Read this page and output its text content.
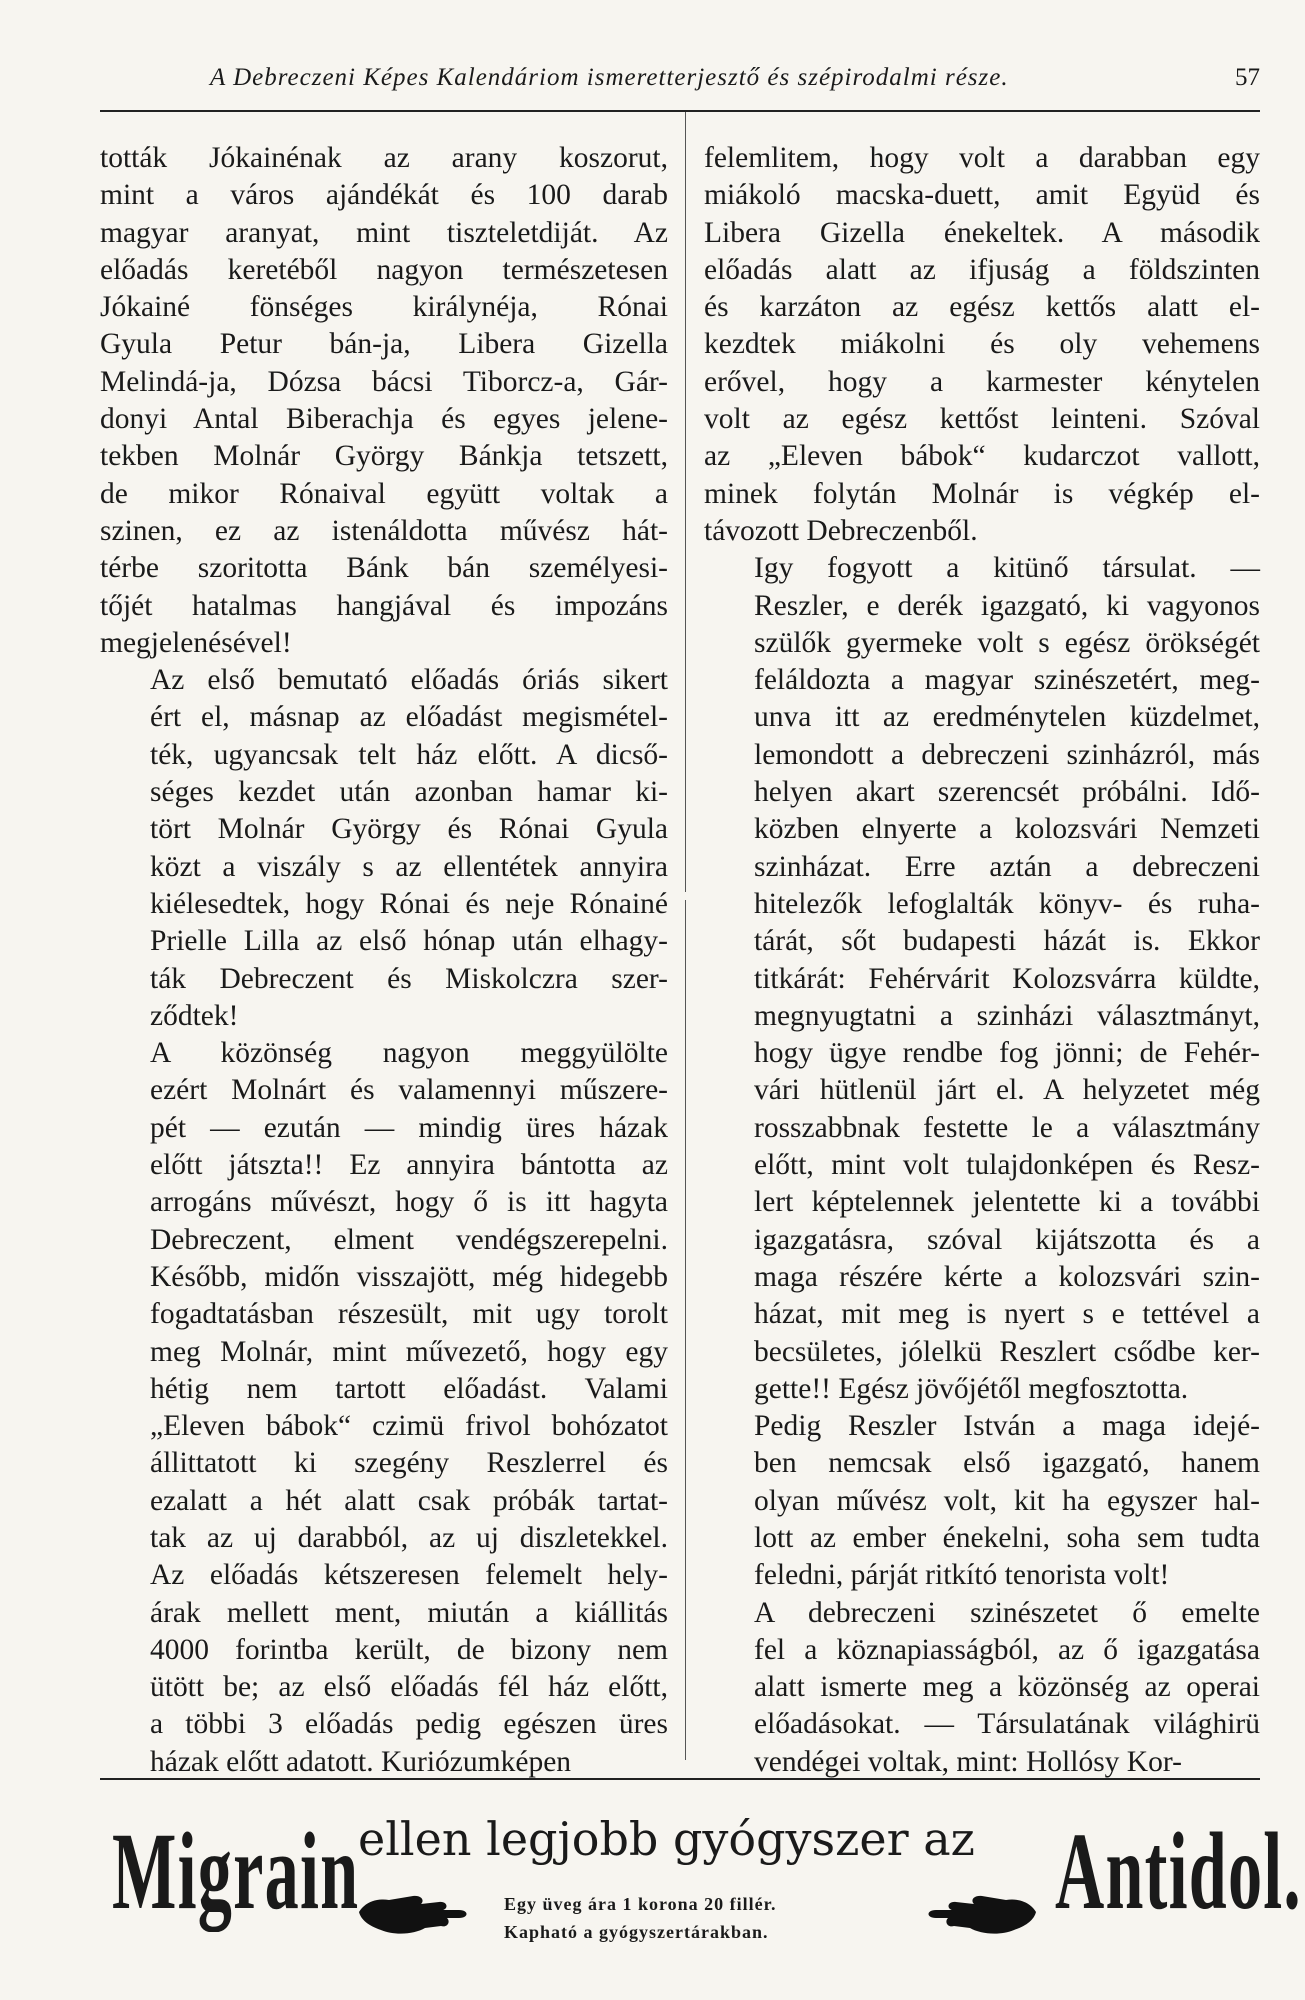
A Debreczeni Képes Kalendáriom ismeretterjesztő és szépirodalmi része.	57

tották Jókainénak az arany koszorut,
mint a város ajándékát és 100 darab
magyar aranyat, mint tiszteletdiját. Az
előadás keretéből nagyon természetesen
Jókainé fönséges királynéja, Rónai
Gyula Petur bán-ja, Libera Gizella
Melindá-ja, Dózsa bácsi Tiborcz-a, Gár-
donyi Antal Biberachja és egyes jelene-
tekben Molnár György Bánkja tetszett,
de mikor Rónaival együtt voltak a
szinen, ez az istenáldotta művész hát-
térbe szoritotta Bánk bán személyesi-
tőjét hatalmas hangjával és impozáns
megjelenésével!

Az első bemutató előadás óriás sikert
ért el, másnap az előadást megismétel-
ték, ugyancsak telt ház előtt. A dicső-
séges kezdet után azonban hamar ki-
tört Molnár György és Rónai Gyula
közt a viszály s az ellentétek annyira
kiélesedtek, hogy Rónai és neje Rónainé
Prielle Lilla az első hónap után elhagy-
ták Debreczent és Miskolczra szer-
ződtek!

A közönség nagyon meggyülölte
ezért Molnárt és valamennyi műszere-
pét — ezután — mindig üres házak
előtt játszta!! Ez annyira bántotta az
arrogáns művészt, hogy ő is itt hagyta
Debreczent, elment vendégszerepelni.
Később, midőn visszajött, még hidegebb
fogadtatásban részesült, mit ugy torolt
meg Molnár, mint művezető, hogy egy
hétig nem tartott előadást. Valami
„Eleven bábok“ czimü frivol bohózatot
állittatott ki szegény Reszlerrel és
ezalatt a hét alatt csak próbák tartat-
tak az uj darabból, az uj diszletekkel.
Az előadás kétszeresen felemelt hely-
árak mellett ment, miután a kiállitás
4000 forintba került, de bizony nem
ütött be; az első előadás fél ház előtt,
a többi 3 előadás pedig egészen üres
házak előtt adatott. Kuriózumképen

felemlitem, hogy volt a darabban egy
miákoló macska-duett, amit Együd és
Libera Gizella énekeltek. A második
előadás alatt az ifjuság a földszinten
és karzáton az egész kettős alatt el-
kezdtek miákolni és oly vehemens
erővel, hogy a karmester kénytelen
volt az egész kettőst leinteni. Szóval
az „Eleven bábok“ kudarczot vallott,
minek folytán Molnár is végkép el-
távozott Debreczenből.

Igy fogyott a kitünő társulat. —
Reszler, e derék igazgató, ki vagyonos
szülők gyermeke volt s egész örökségét
feláldozta a magyar szinészetért, meg-
unva itt az eredménytelen küzdelmet,
lemondott a debreczeni szinházról, más
helyen akart szerencsét próbálni. Idő-
közben elnyerte a kolozsvári Nemzeti
szinházat. Erre aztán a debreczeni
hitelezők lefoglalták könyv- és ruha-
tárát, sőt budapesti házát is. Ekkor
titkárát: Fehérvárit Kolozsvárra küldte,
megnyugtatni a szinházi választmányt,
hogy ügye rendbe fog jönni; de Fehér-
vári hütlenül járt el. A helyzetet még
rosszabbnak festette le a választmány
előtt, mint volt tulajdonképen és Resz-
lert képtelennek jelentette ki a további
igazgatásra, szóval kijátszotta és a
maga részére kérte a kolozsvári szin-
házat, mit meg is nyert s e tettével a
becsületes, jólelkü Reszlert csődbe ker-
gette!! Egész jövőjétől megfosztotta.

Pedig Reszler István a maga idejé-
ben nemcsak első igazgató, hanem
olyan művész volt, kit ha egyszer hal-
lott az ember énekelni, soha sem tudta
feledni, párját ritkító tenorista volt!

A debreczeni szinészetet ő emelte
fel a köznapiasságból, az ő igazgatása
alatt ismerte meg a közönség az operai
előadásokat. — Társulatának világhirü
vendégei voltak, mint: Hollósy Kor-

Migrain
ellen legjobb gyógyszer az
Egy üveg ára 1 korona 20 fillér.
Kapható a gyógyszertárakban.	Antidol.
